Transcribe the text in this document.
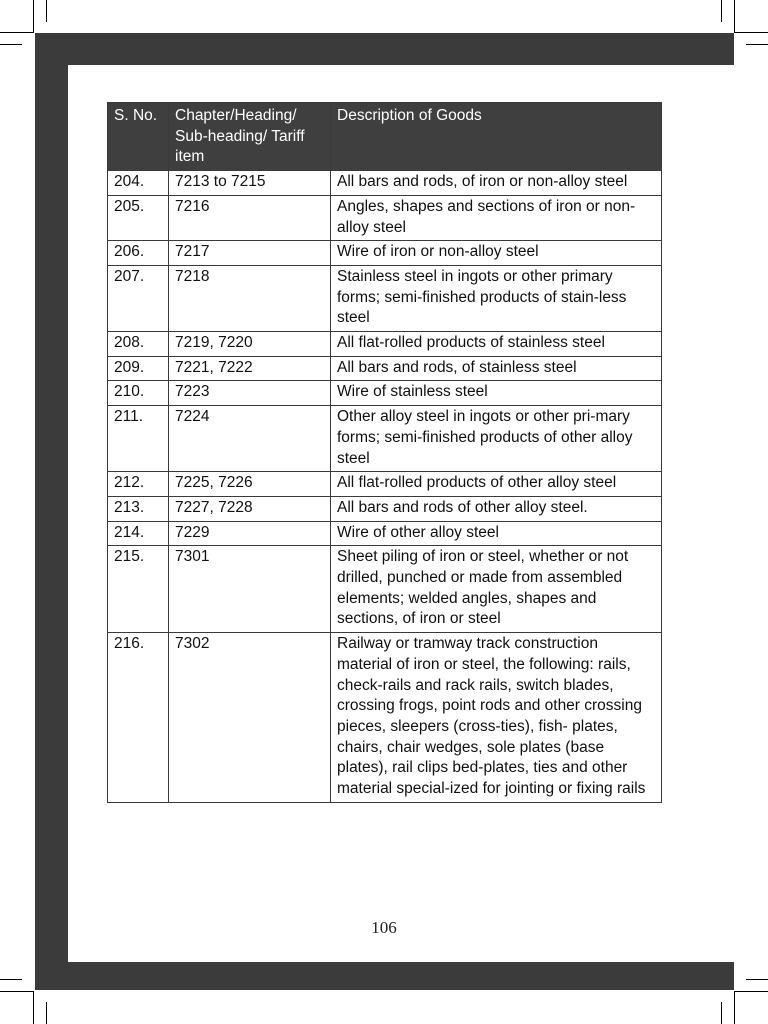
S. No.	Chapter/Heading/ Sub-heading/ Tariff item	Description of Goods
204.	7213 to 7215	All bars and rods, of iron or non-alloy steel
205.	7216	Angles, shapes and sections of iron or non-alloy steel
206.	7217	Wire of iron or non-alloy steel
207.	7218	Stainless steel in ingots or other primary forms; semi-finished products of stain-less steel
208.	7219, 7220	All flat-rolled products of stainless steel
209.	7221, 7222	All bars and rods, of stainless steel
210.	7223	Wire of stainless steel
211.	7224	Other alloy steel in ingots or other pri-mary forms; semi-finished products of other alloy steel
212.	7225, 7226	All flat-rolled products of other alloy steel
213.	7227, 7228	All bars and rods of other alloy steel.
214.	7229	Wire of other alloy steel
215.	7301	Sheet piling of iron or steel, whether or not drilled, punched or made from assembled elements; welded angles, shapes and sections, of iron or steel
216.	7302	Railway or tramway track construction material of iron or steel, the following: rails, check-rails and rack rails, switch blades, crossing frogs, point rods and other crossing pieces, sleepers (cross-ties), fish- plates, chairs, chair wedges, sole plates (base plates), rail clips bed-plates, ties and other material special-ized for jointing or fixing rails
106
